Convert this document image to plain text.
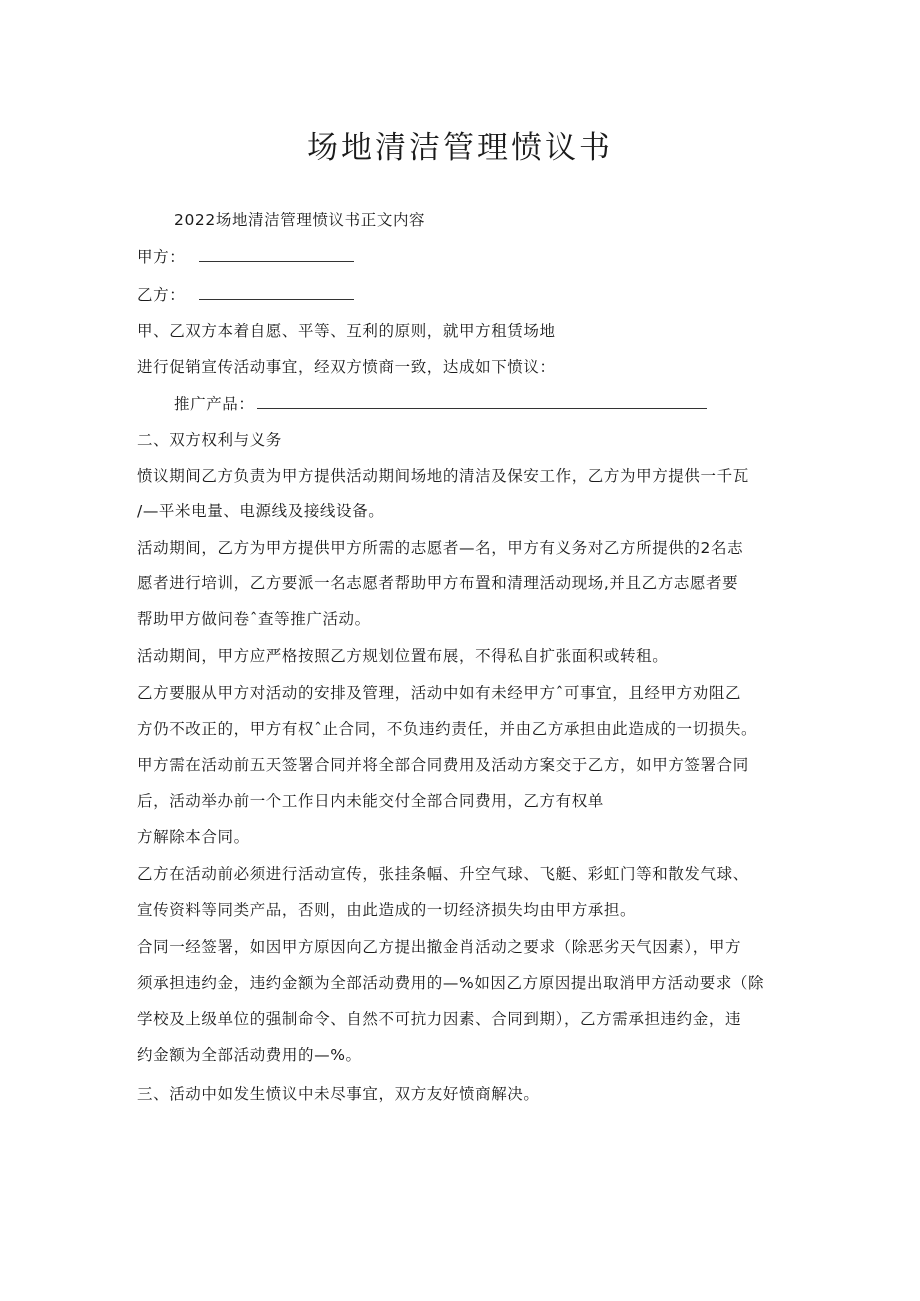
场地清洁管理愤议书
2022场地清洁管理愤议书正文内容
甲方：
乙方：
甲、乙双方本着自愿、平等、互利的原则，就甲方租赁场地
进行促销宣传活动事宜，经双方愤商一致，达成如下愤议：
推广产品：
二、双方权利与义务
愤议期间乙方负责为甲方提供活动期间场地的清洁及保安工作，乙方为甲方提供一千瓦
/—平米电量、电源线及接线设备。
活动期间，乙方为甲方提供甲方所需的志愿者—名，甲方有义务对乙方所提供的2名志
愿者进行培训，乙方要派一名志愿者帮助甲方布置和清理活动现场,并且乙方志愿者要
帮助甲方做问卷ˆ查等推广活动。
活动期间，甲方应严格按照乙方规划位置布展，不得私自扩张面积或转租。
乙方要服从甲方对活动的安排及管理，活动中如有未经甲方ˆ可事宜，且经甲方劝阻乙
方仍不改正的，甲方有权ˆ止合同，不负违约责任，并由乙方承担由此造成的一切损失。
甲方需在活动前五天签署合同并将全部合同费用及活动方案交于乙方，如甲方签署合同
后，活动举办前一个工作日内未能交付全部合同费用，乙方有权单
方解除本合同。
乙方在活动前必须进行活动宣传，张挂条幅、升空气球、飞艇、彩虹门等和散发气球、
宣传资料等同类产品，否则，由此造成的一切经济损失均由甲方承担。
合同一经签署，如因甲方原因向乙方提出撤金肖活动之要求（除恶劣天气因素），甲方
须承担违约金，违约金额为全部活动费用的—%如因乙方原因提出取消甲方活动要求（除
学校及上级单位的强制命令、自然不可抗力因素、合同到期），乙方需承担违约金，违
约金额为全部活动费用的—%。
三、活动中如发生愤议中未尽事宜，双方友好愤商解决。
